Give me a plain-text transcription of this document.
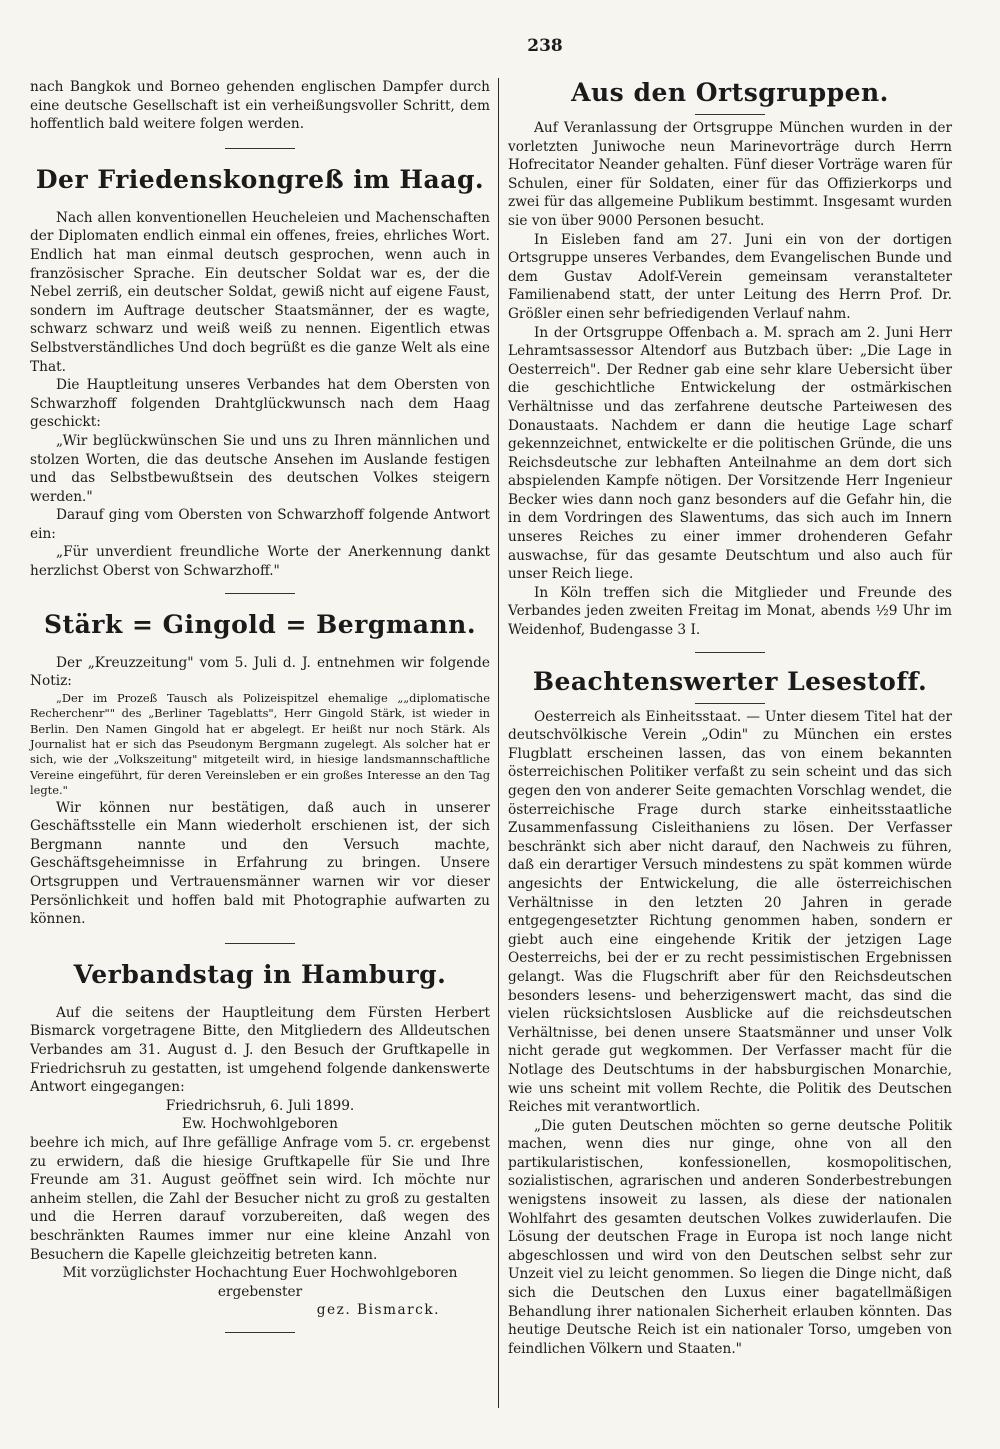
238

nach Bangkok und Borneo gehenden englischen Dampfer durch eine deutsche Gesellschaft ist ein verheißungsvoller Schritt, dem hoffentlich bald weitere folgen werden.

Der Friedenskongreß im Haag.

Nach allen konventionellen Heucheleien und Machenschaften der Diplomaten endlich einmal ein offenes, freies, ehrliches Wort. Endlich hat man einmal deutsch gesprochen, wenn auch in französischer Sprache. Ein deutscher Soldat war es, der die Nebel zerriß, ein deutscher Soldat, gewiß nicht auf eigene Faust, sondern im Auftrage deutscher Staatsmänner, der es wagte, schwarz schwarz und weiß weiß zu nennen. Eigentlich etwas Selbstverständliches Und doch begrüßt es die ganze Welt als eine That.

Die Hauptleitung unseres Verbandes hat dem Obersten von Schwarzhoff folgenden Drahtglückwunsch nach dem Haag geschickt:

„Wir beglückwünschen Sie und uns zu Ihren männlichen und stolzen Worten, die das deutsche Ansehen im Auslande festigen und das Selbstbewußtsein des deutschen Volkes steigern werden."

Darauf ging vom Obersten von Schwarzhoff folgende Antwort ein:

„Für unverdient freundliche Worte der Anerkennung dankt herzlichst Oberst von Schwarzhoff."

Stärk = Gingold = Bergmann.

Der „Kreuzzeitung" vom 5. Juli d. J. entnehmen wir folgende Notiz:

„Der im Prozeß Tausch als Polizeispitzel ehemalige „„diplomatische Recherchenr"" des „Berliner Tageblatts", Herr Gingold Stärk, ist wieder in Berlin. Den Namen Gingold hat er abgelegt. Er heißt nur noch Stärk. Als Journalist hat er sich das Pseudonym Bergmann zugelegt. Als solcher hat er sich, wie der „Volkszeitung" mitgeteilt wird, in hiesige landsmannschaftliche Vereine eingeführt, für deren Vereinsleben er ein großes Interesse an den Tag legte."

Wir können nur bestätigen, daß auch in unserer Geschäftsstelle ein Mann wiederholt erschienen ist, der sich Bergmann nannte und den Versuch machte, Geschäftsgeheimnisse in Erfahrung zu bringen. Unsere Ortsgruppen und Vertrauensmänner warnen wir vor dieser Persönlichkeit und hoffen bald mit Photographie aufwarten zu können.

Verbandstag in Hamburg.

Auf die seitens der Hauptleitung dem Fürsten Herbert Bismarck vorgetragene Bitte, den Mitgliedern des Alldeutschen Verbandes am 31. August d. J. den Besuch der Gruftkapelle in Friedrichsruh zu gestatten, ist umgehend folgende dankenswerte Antwort eingegangen:

Friedrichsruh, 6. Juli 1899.

Ew. Hochwohlgeboren

beehre ich mich, auf Ihre gefällige Anfrage vom 5. cr. ergebenst zu erwidern, daß die hiesige Gruftkapelle für Sie und Ihre Freunde am 31. August geöffnet sein wird. Ich möchte nur anheim stellen, die Zahl der Besucher nicht zu groß zu gestalten und die Herren darauf vorzubereiten, daß wegen des beschränkten Raumes immer nur eine kleine Anzahl von Besuchern die Kapelle gleichzeitig betreten kann.

Mit vorzüglichster Hochachtung Euer Hochwohlgeboren

ergebenster

gez. Bismarck.

Aus den Ortsgruppen.

Auf Veranlassung der Ortsgruppe München wurden in der vorletzten Juniwoche neun Marinevorträge durch Herrn Hofrecitator Neander gehalten. Fünf dieser Vorträge waren für Schulen, einer für Soldaten, einer für das Offizierkorps und zwei für das allgemeine Publikum bestimmt. Insgesamt wurden sie von über 9000 Personen besucht.

In Eisleben fand am 27. Juni ein von der dortigen Ortsgruppe unseres Verbandes, dem Evangelischen Bunde und dem Gustav Adolf-Verein gemeinsam veranstalteter Familienabend statt, der unter Leitung des Herrn Prof. Dr. Größler einen sehr befriedigenden Verlauf nahm.

In der Ortsgruppe Offenbach a. M. sprach am 2. Juni Herr Lehramtsassessor Altendorf aus Butzbach über: „Die Lage in Oesterreich". Der Redner gab eine sehr klare Uebersicht über die geschichtliche Entwickelung der ostmärkischen Verhältnisse und das zerfahrene deutsche Parteiwesen des Donaustaats. Nachdem er dann die heutige Lage scharf gekennzeichnet, entwickelte er die politischen Gründe, die uns Reichsdeutsche zur lebhaften Anteilnahme an dem dort sich abspielenden Kampfe nötigen. Der Vorsitzende Herr Ingenieur Becker wies dann noch ganz besonders auf die Gefahr hin, die in dem Vordringen des Slawentums, das sich auch im Innern unseres Reiches zu einer immer drohenderen Gefahr auswachse, für das gesamte Deutschtum und also auch für unser Reich liege.

In Köln treffen sich die Mitglieder und Freunde des Verbandes jeden zweiten Freitag im Monat, abends ½9 Uhr im Weidenhof, Budengasse 3 I.

Beachtenswerter Lesestoff.

Oesterreich als Einheitsstaat. — Unter diesem Titel hat der deutschvölkische Verein „Odin" zu München ein erstes Flugblatt erscheinen lassen, das von einem bekannten österreichischen Politiker verfaßt zu sein scheint und das sich gegen den von anderer Seite gemachten Vorschlag wendet, die österreichische Frage durch starke einheitsstaatliche Zusammenfassung Cisleithaniens zu lösen. Der Verfasser beschränkt sich aber nicht darauf, den Nachweis zu führen, daß ein derartiger Versuch mindestens zu spät kommen würde angesichts der Entwickelung, die alle österreichischen Verhältnisse in den letzten 20 Jahren in gerade entgegengesetzter Richtung genommen haben, sondern er giebt auch eine eingehende Kritik der jetzigen Lage Oesterreichs, bei der er zu recht pessimistischen Ergebnissen gelangt. Was die Flugschrift aber für den Reichsdeutschen besonders lesens- und beherzigenswert macht, das sind die vielen rücksichtslosen Ausblicke auf die reichsdeutschen Verhältnisse, bei denen unsere Staatsmänner und unser Volk nicht gerade gut wegkommen. Der Verfasser macht für die Notlage des Deutschtums in der habsburgischen Monarchie, wie uns scheint mit vollem Rechte, die Politik des Deutschen Reiches mit verantwortlich.

„Die guten Deutschen möchten so gerne deutsche Politik machen, wenn dies nur ginge, ohne von all den partikularistischen, konfessionellen, kosmopolitischen, sozialistischen, agrarischen und anderen Sonderbestrebungen wenigstens insoweit zu lassen, als diese der nationalen Wohlfahrt des gesamten deutschen Volkes zuwiderlaufen. Die Lösung der deutschen Frage in Europa ist noch lange nicht abgeschlossen und wird von den Deutschen selbst sehr zur Unzeit viel zu leicht genommen. So liegen die Dinge nicht, daß sich die Deutschen den Luxus einer bagatellmäßigen Behandlung ihrer nationalen Sicherheit erlauben könnten. Das heutige Deutsche Reich ist ein nationaler Torso, umgeben von feindlichen Völkern und Staaten."
